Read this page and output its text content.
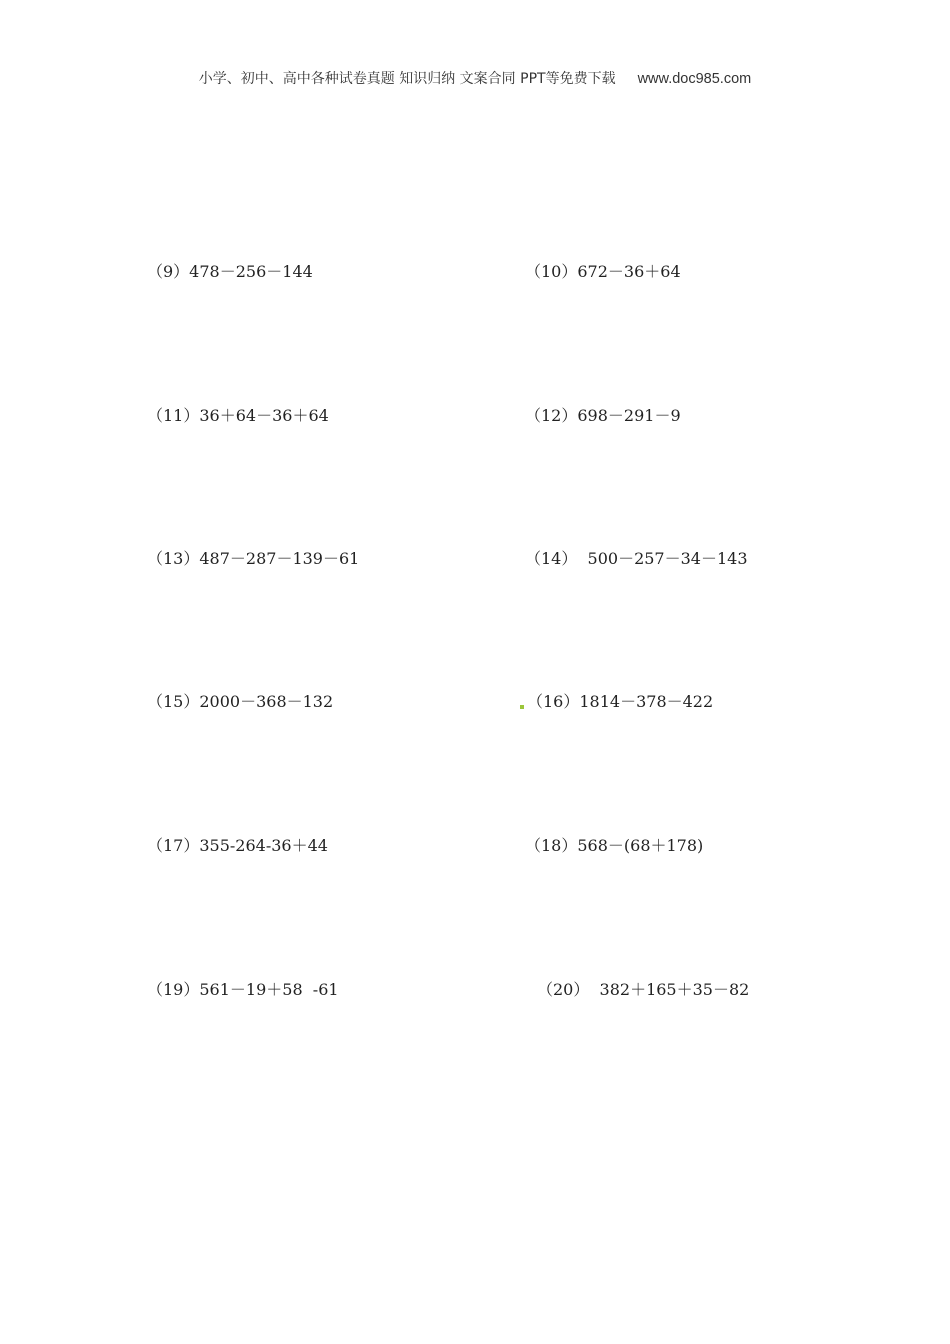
小学、初中、高中各种试卷真题 知识归纳 文案合同 PPT等免费下载 www.doc985.com
（9）478－256－144	（10）672－36＋64
（11）36＋64－36＋64	（12）698－291－9
（13）487－287－139－61	（14）  500－257－34－143
（15）2000－368－132	（16）1814－378－422
（17）355-264-36＋44	（18）568－(68＋178)
（19）561－19＋58  -61	（20）  382＋165＋35－82
